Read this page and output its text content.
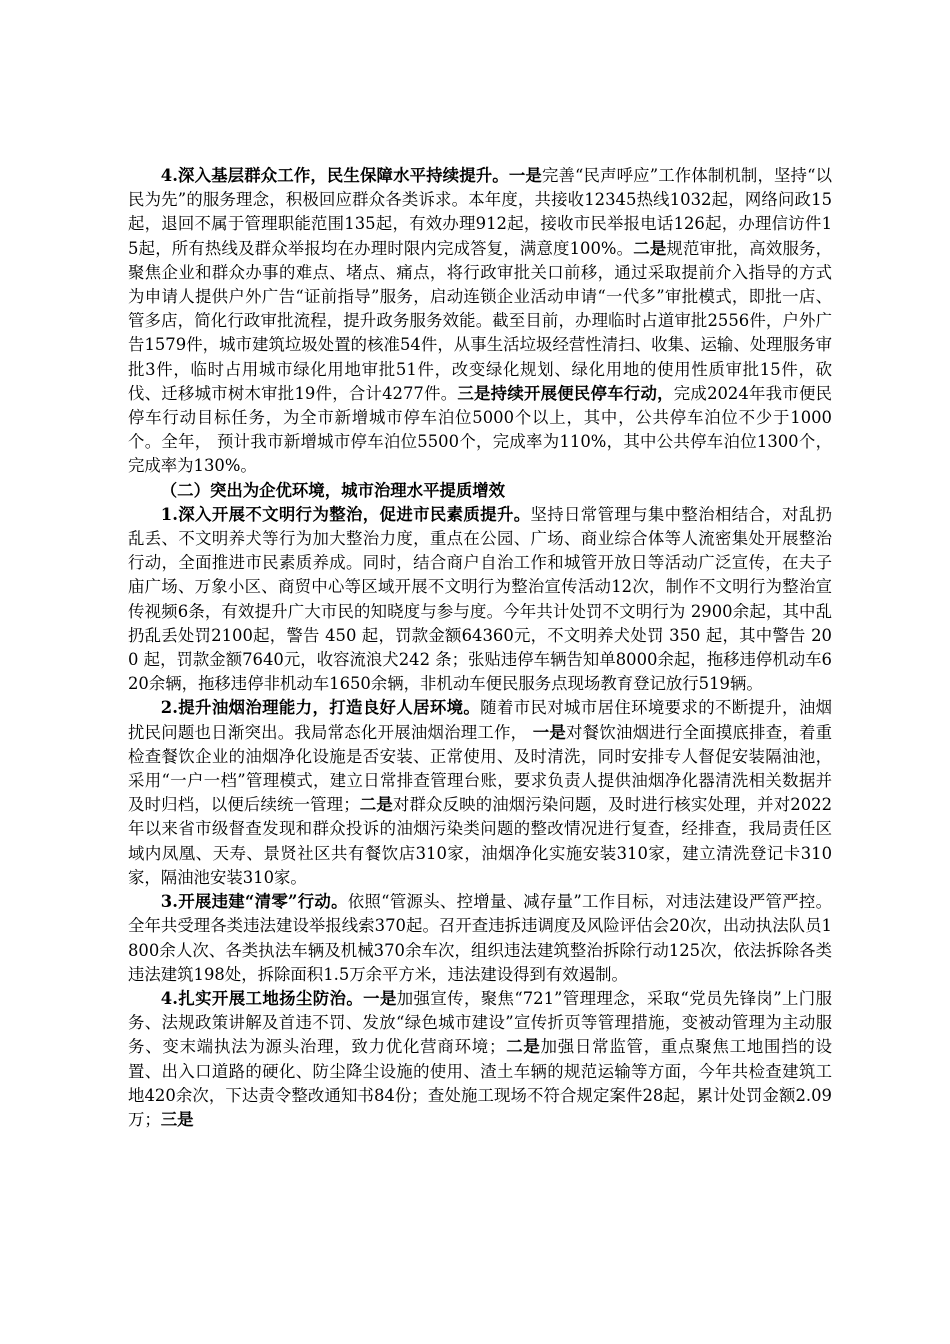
4.深入基层群众工作，民生保障水平持续提升。一是完善“民声呼应”工作体制机制，坚持“以民为先”的服务理念，积极回应群众各类诉求。本年度，共接收12345热线1032起，网络问政15起，退回不属于管理职能范围135起，有效办理912起，接收市民举报电话126起，办理信访件15起，所有热线及群众举报均在办理时限内完成答复，满意度100%。二是规范审批，高效服务，聚焦企业和群众办事的难点、堵点、痛点，将行政审批关口前移，通过采取提前介入指导的方式为申请人提供户外广告“证前指导”服务，启动连锁企业活动申请“一代多”审批模式，即批一店、管多店，简化行政审批流程，提升政务服务效能。截至目前，办理临时占道审批2556件，户外广告1579件，城市建筑垃圾处置的核准54件，从事生活垃圾经营性清扫、收集、运输、处理服务审批3件，临时占用城市绿化用地审批51件，改变绿化规划、绿化用地的使用性质审批15件，砍伐、迁移城市树木审批19件，合计4277件。三是持续开展便民停车行动，完成2024年我市便民停车行动目标任务，为全市新增城市停车泊位5000个以上，其中，公共停车泊位不少于1000个。全年， 预计我市新增城市停车泊位5500个，完成率为110%，其中公共停车泊位1300个，完成率为130%。

（二）突出为企优环境，城市治理水平提质增效

1.深入开展不文明行为整治，促进市民素质提升。坚持日常管理与集中整治相结合，对乱扔乱丢、不文明养犬等行为加大整治力度，重点在公园、广场、商业综合体等人流密集处开展整治行动，全面推进市民素质养成。同时，结合商户自治工作和城管开放日等活动广泛宣传，在夫子庙广场、万象小区、商贸中心等区域开展不文明行为整治宣传活动12次，制作不文明行为整治宣传视频6条，有效提升广大市民的知晓度与参与度。今年共计处罚不文明行为 2900余起，其中乱扔乱丢处罚2100起，警告 450 起，罚款金额64360元，不文明养犬处罚 350 起，其中警告 200 起，罚款金额7640元，收容流浪犬242 条；张贴违停车辆告知单8000余起，拖移违停机动车620余辆，拖移违停非机动车1650余辆，非机动车便民服务点现场教育登记放行519辆。

2.提升油烟治理能力，打造良好人居环境。随着市民对城市居住环境要求的不断提升，油烟扰民问题也日渐突出。我局常态化开展油烟治理工作， 一是对餐饮油烟进行全面摸底排查，着重检查餐饮企业的油烟净化设施是否安装、正常使用、及时清洗，同时安排专人督促安装隔油池，采用“一户一档”管理模式，建立日常排查管理台账，要求负责人提供油烟净化器清洗相关数据并及时归档，以便后续统一管理；二是对群众反映的油烟污染问题，及时进行核实处理，并对2022年以来省市级督查发现和群众投诉的油烟污染类问题的整改情况进行复查，经排查，我局责任区域内凤凰、天寿、景贤社区共有餐饮店310家，油烟净化实施安装310家，建立清洗登记卡310家，隔油池安装310家。

3.开展违建“清零”行动。依照“管源头、控增量、减存量”工作目标，对违法建设严管严控。全年共受理各类违法建设举报线索370起。召开查违拆违调度及风险评估会20次，出动执法队员1800余人次、各类执法车辆及机械370余车次，组织违法建筑整治拆除行动125次，依法拆除各类违法建筑198处，拆除面积1.5万余平方米，违法建设得到有效遏制。

4.扎实开展工地扬尘防治。一是加强宣传，聚焦“721”管理理念，采取“党员先锋岗”上门服务、法规政策讲解及首违不罚、发放“绿色城市建设”宣传折页等管理措施，变被动管理为主动服务、变末端执法为源头治理，致力优化营商环境；二是加强日常监管，重点聚焦工地围挡的设置、出入口道路的硬化、防尘降尘设施的使用、渣土车辆的规范运输等方面，今年共检查建筑工地420余次，下达责令整改通知书84份；查处施工现场不符合规定案件28起，累计处罚金额2.09万；三是
